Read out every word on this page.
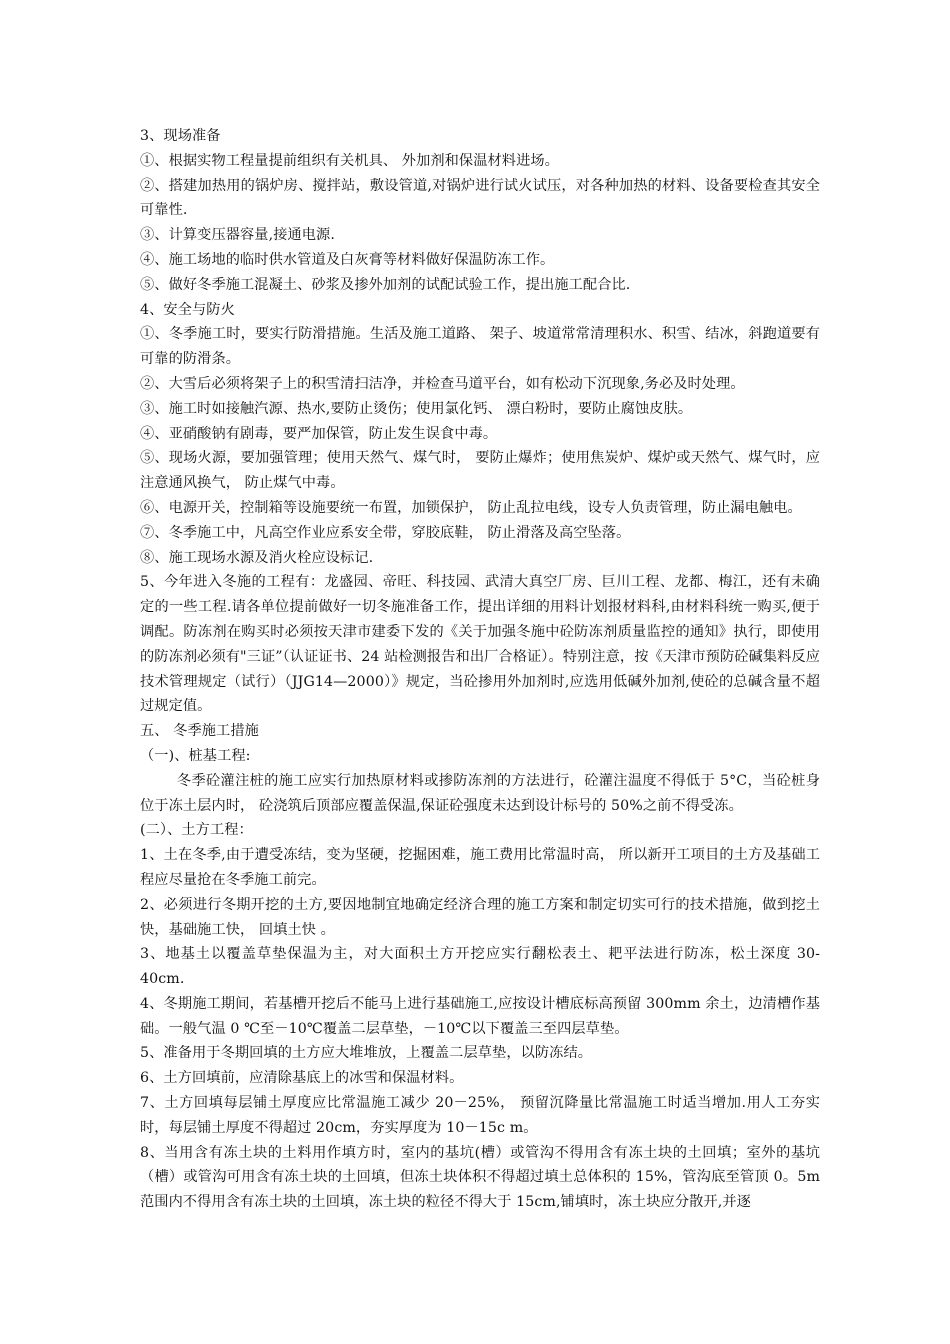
3、现场准备

①、根据实物工程量提前组织有关机具、 外加剂和保温材料进场。

②、搭建加热用的锅炉房、搅拌站，敷设管道,对锅炉进行试火试压，对各种加热的材料、设备要检查其安全可靠性.

③、计算变压器容量,接通电源.

④、施工场地的临时供水管道及白灰膏等材料做好保温防冻工作。

⑤、做好冬季施工混凝土、砂浆及掺外加剂的试配试验工作，提出施工配合比.

4、安全与防火

①、冬季施工时，要实行防滑措施。生活及施工道路、 架子、坡道常常清理积水、积雪、结冰，斜跑道要有可靠的防滑条。

②、大雪后必须将架子上的积雪清扫洁净，并检查马道平台，如有松动下沉现象,务必及时处理。

③、施工时如接触汽源、热水,要防止烫伤；使用氯化钙、 漂白粉时，要防止腐蚀皮肤。

④、亚硝酸钠有剧毒，要严加保管，防止发生误食中毒。

⑤、现场火源，要加强管理；使用天然气、煤气时， 要防止爆炸；使用焦炭炉、煤炉或天然气、煤气时，应注意通风换气， 防止煤气中毒。

⑥、电源开关，控制箱等设施要统一布置，加锁保护， 防止乱拉电线，设专人负责管理，防止漏电触电。

⑦、冬季施工中，凡高空作业应系安全带，穿胶底鞋， 防止滑落及高空坠落。

⑧、施工现场水源及消火栓应设标记.

5、今年进入冬施的工程有：龙盛园、帝旺、科技园、武清大真空厂房、巨川工程、龙都、梅江，还有未确定的一些工程.请各单位提前做好一切冬施准备工作，提出详细的用料计划报材料科,由材料科统一购买,便于调配。防冻剂在购买时必须按天津市建委下发的《关于加强冬施中砼防冻剂质量监控的通知》执行，即使用的防冻剂必须有"三证”（认证证书、24 站检测报告和出厂合格证）。特别注意，按《天津市预防砼碱集料反应技术管理规定（试行）（JJG14—2000）》规定，当砼掺用外加剂时,应选用低碱外加剂,使砼的总碱含量不超过规定值。

五、 冬季施工措施

（一)、桩基工程:

冬季砼灌注桩的施工应实行加热原材料或掺防冻剂的方法进行，砼灌注温度不得低于 5°C，当砼桩身位于冻土层内时， 砼浇筑后顶部应覆盖保温,保证砼强度未达到设计标号的 50%之前不得受冻。

(二）、土方工程：

1、土在冬季,由于遭受冻结，变为坚硬，挖掘困难，施工费用比常温时高， 所以新开工项目的土方及基础工程应尽量抢在冬季施工前完。

2、必须进行冬期开挖的土方,要因地制宜地确定经济合理的施工方案和制定切实可行的技术措施，做到挖土快，基础施工快， 回填土快 。

3、地基土以覆盖草垫保温为主，对大面积土方开挖应实行翻松表土、耙平法进行防冻，松土深度 30-40cm.

4、冬期施工期间，若基槽开挖后不能马上进行基础施工,应按设计槽底标高预留 300mm 余土，边清槽作基础。一般气温 0 ℃至－10℃覆盖二层草垫，－10℃以下覆盖三至四层草垫。

5、准备用于冬期回填的土方应大堆堆放，上覆盖二层草垫，以防冻结。

6、土方回填前，应清除基底上的冰雪和保温材料。

7、土方回填每层铺土厚度应比常温施工减少 20－25%， 预留沉降量比常温施工时适当增加.用人工夯实时，每层铺土厚度不得超过 20cm，夯实厚度为 10－15c m。

8、当用含有冻土块的土料用作填方时，室内的基坑(槽）或管沟不得用含有冻土块的土回填；室外的基坑（槽）或管沟可用含有冻土块的土回填，但冻土块体积不得超过填土总体积的 15%，管沟底至管顶 0。5m 范围内不得用含有冻土块的土回填，冻土块的粒径不得大于 15cm,铺填时，冻土块应分散开,并逐
